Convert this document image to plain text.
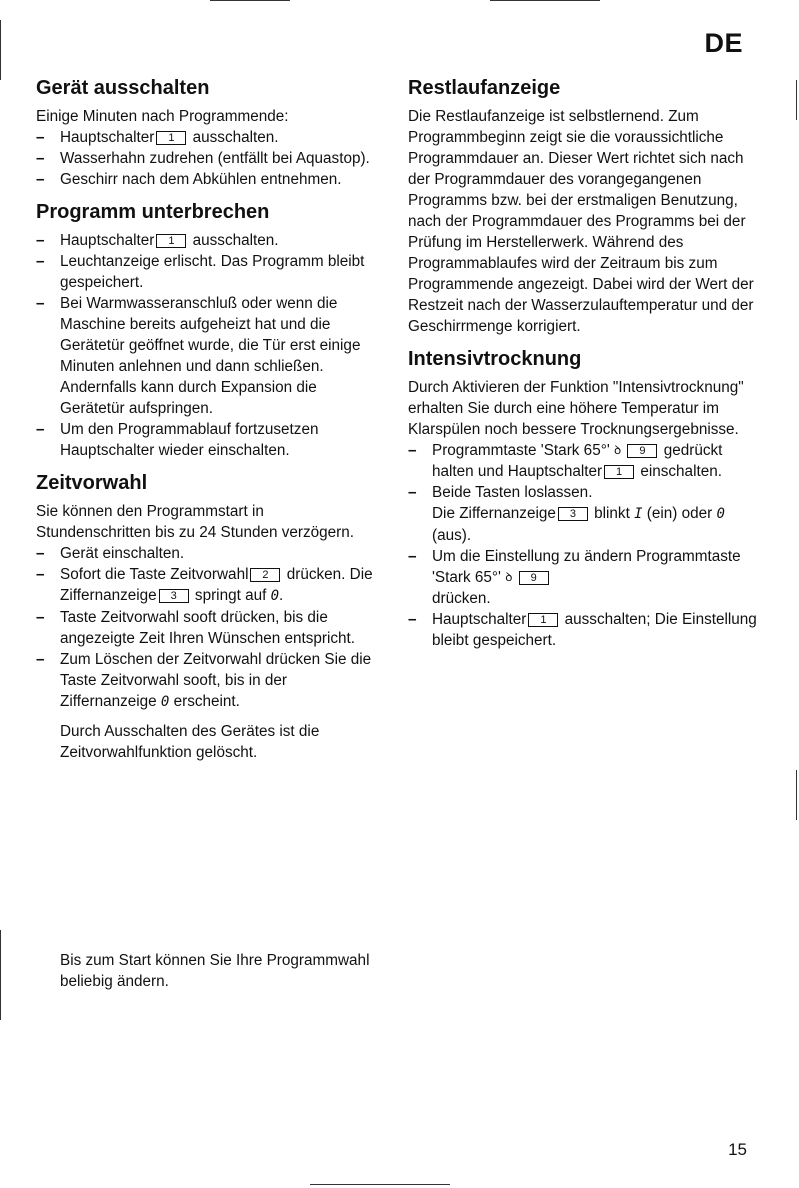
DE
Gerät ausschalten

Einige Minuten nach Programmende:

– Hauptschalter 1 ausschalten.
– Wasserhahn zudrehen (entfällt bei Aquastop).
– Geschirr nach dem Abkühlen entnehmen.
Programm unterbrechen
– Hauptschalter 1 ausschalten.
– Leuchtanzeige erlischt. Das Programm bleibt gespeichert.
– Bei Warmwasseranschluß oder wenn die Maschine bereits aufgeheizt hat und die Gerätetür geöffnet wurde, die Tür erst einige Minuten anlehnen und dann schließen.
Andernfalls kann durch Expansion die Gerätetür aufspringen.
– Um den Programmablauf fortzusetzen Hauptschalter wieder einschalten.
Zeitvorwahl

Sie können den Programmstart in Stundenschritten bis zu 24 Stunden verzögern.

– Gerät einschalten.
– Sofort die Taste Zeitvorwahl 2 drücken. Die Ziffernanzeige 3 springt auf 0.
– Taste Zeitvorwahl sooft drücken, bis die angezeigte Zeit Ihren Wünschen entspricht.
– Zum Löschen der Zeitvorwahl drücken Sie die Taste Zeitvorwahl sooft, bis in der Ziffernanzeige 0 erscheint.
Durch Ausschalten des Gerätes ist die Zeitvorwahlfunktion gelöscht.

Bis zum Start können Sie Ihre Programmwahl beliebig ändern.

Restlaufanzeige

Die Restlaufanzeige ist selbstlernend. Zum Programmbeginn zeigt sie die voraussichtliche Programmdauer an. Dieser Wert richtet sich nach der Programmdauer des vorangegangenen Programms bzw. bei der erstmaligen Benutzung, nach der Programmdauer des Programms bei der Prüfung im Herstellerwerk. Während des Programmablaufes wird der Zeitraum bis zum Programmende angezeigt. Dabei wird der Wert der Restzeit nach der Wasserzulauftemperatur und der Geschirrmenge korrigiert.

Intensivtrocknung

Durch Aktivieren der Funktion "Intensivtrocknung" erhalten Sie durch eine höhere Temperatur im Klarspülen noch bessere Trocknungsergebnisse.

– Programmtaste 'Stark 65°' ꝺ 9 gedrückt halten und Hauptschalter 1 einschalten.
– Beide Tasten loslassen.
Die Ziffernanzeige 3 blinkt I (ein) oder 0 (aus).
– Um die Einstellung zu ändern Programmtaste 'Stark 65°' ꝺ 9
drücken.
– Hauptschalter 1 ausschalten; Die Einstellung bleibt gespeichert.
15
